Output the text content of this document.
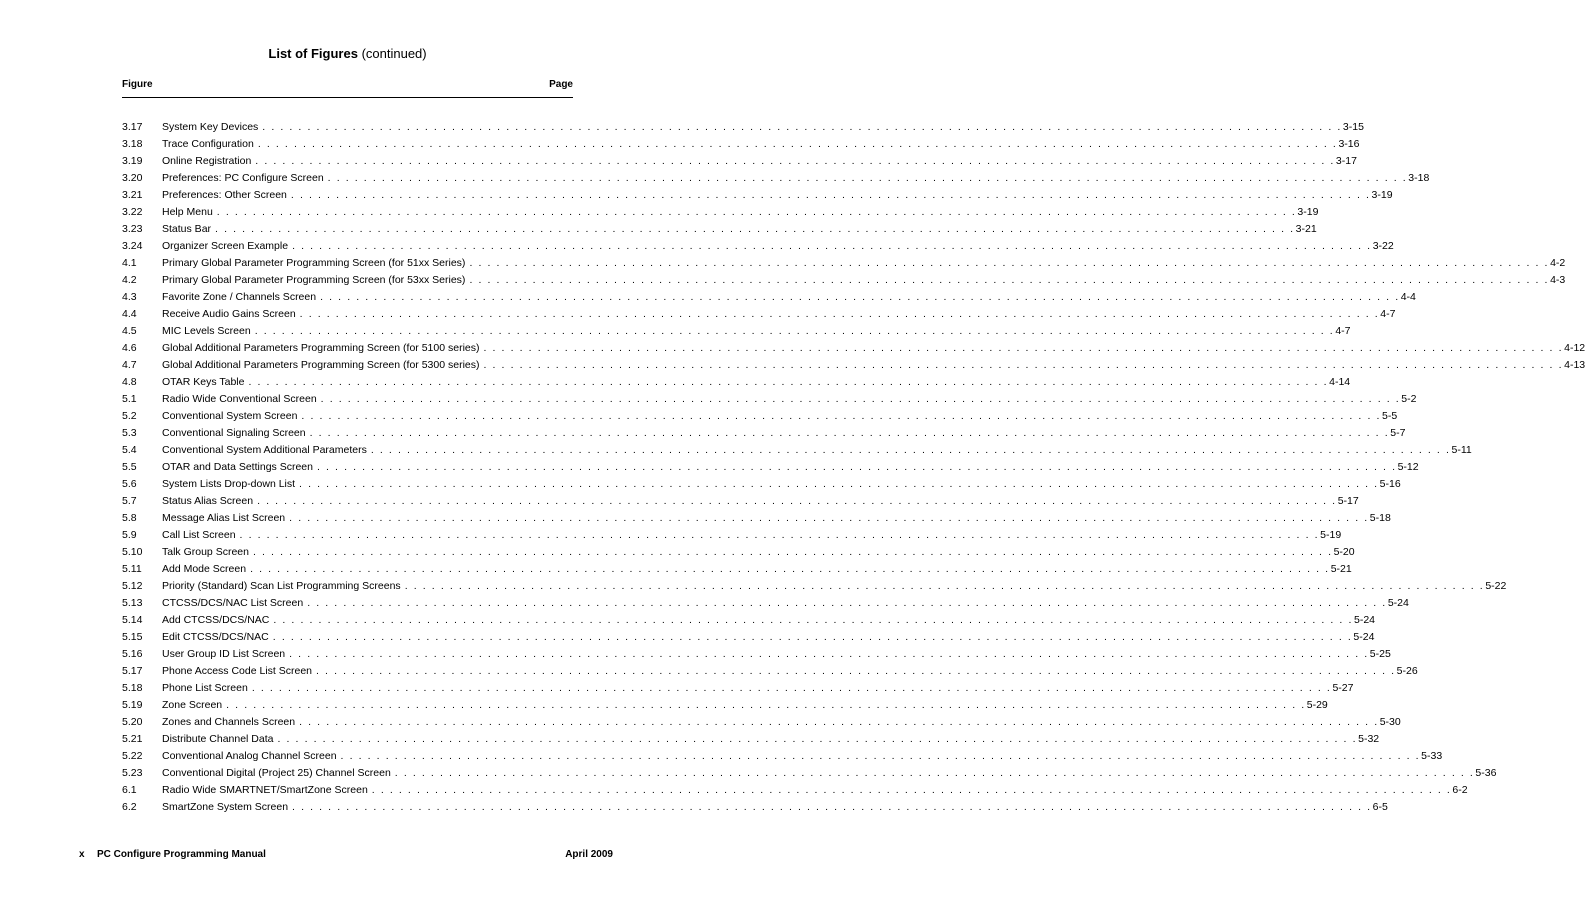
List of Figures (continued)
Figure	Page
3.17	System Key Devices . . . . . . . . . . . . . . . . . . . . . . . . . . . . . . . . . . . . . . . . . . . . . . . . . . . . . . . . . . . . . . . . . . . . . . . . . . . . . . . . . . . . . . . . . . . . . . . . . . . . . . . . . . . . . . . . . . . . . . . . 3-15
3.18	Trace Configuration . . . . . . . . . . . . . . . . . . . . . . . . . . . . . . . . . . . . . . . . . . . . . . . . . . . . . . . . . . . . . . . . . . . . . . . . . . . . . . . . . . . . . . . . . . . . . . . . . . . . . . . . . . . . . . . . . . . . . . . . 3-16
3.19	Online Registration . . . . . . . . . . . . . . . . . . . . . . . . . . . . . . . . . . . . . . . . . . . . . . . . . . . . . . . . . . . . . . . . . . . . . . . . . . . . . . . . . . . . . . . . . . . . . . . . . . . . . . . . . . . . . . . . . . . . . . . . 3-17
3.20	Preferences: PC Configure Screen . . . . . . . . . . . . . . . . . . . . . . . . . . . . . . . . . . . . . . . . . . . . . . . . . . . . . . . . . . . . . . . . . . . . . . . . . . . . . . . . . . . . . . . . . . . . . . . . . . . . . . . . . . . . . . . . . . . . . . . . 3-18
3.21	Preferences: Other Screen . . . . . . . . . . . . . . . . . . . . . . . . . . . . . . . . . . . . . . . . . . . . . . . . . . . . . . . . . . . . . . . . . . . . . . . . . . . . . . . . . . . . . . . . . . . . . . . . . . . . . . . . . . . . . . . . . . . . . . . . 3-19
3.22	Help Menu . . . . . . . . . . . . . . . . . . . . . . . . . . . . . . . . . . . . . . . . . . . . . . . . . . . . . . . . . . . . . . . . . . . . . . . . . . . . . . . . . . . . . . . . . . . . . . . . . . . . . . . . . . . . . . . . . . . . . . . . 3-19
3.23	Status Bar . . . . . . . . . . . . . . . . . . . . . . . . . . . . . . . . . . . . . . . . . . . . . . . . . . . . . . . . . . . . . . . . . . . . . . . . . . . . . . . . . . . . . . . . . . . . . . . . . . . . . . . . . . . . . . . . . . . . . . . . 3-21
3.24	Organizer Screen Example . . . . . . . . . . . . . . . . . . . . . . . . . . . . . . . . . . . . . . . . . . . . . . . . . . . . . . . . . . . . . . . . . . . . . . . . . . . . . . . . . . . . . . . . . . . . . . . . . . . . . . . . . . . . . . . . . . . . . . . . 3-22
4.1	Primary Global Parameter Programming Screen (for 51xx Series) . . . . . . . . . . . . . . . . . . . . . . . . . . . . . . . . . . . . . . . . . . . . . . . . . . . . . . . . . . . . . . . . . . . . . . . . . . . . . . . . . . . . . . . . . . . . . . . . . . . . . . . . . . . . . . . . . . . . . . . . 4-2
4.2	Primary Global Parameter Programming Screen (for 53xx Series) . . . . . . . . . . . . . . . . . . . . . . . . . . . . . . . . . . . . . . . . . . . . . . . . . . . . . . . . . . . . . . . . . . . . . . . . . . . . . . . . . . . . . . . . . . . . . . . . . . . . . . . . . . . . . . . . . . . . . . . . 4-3
4.3	Favorite Zone / Channels Screen . . . . . . . . . . . . . . . . . . . . . . . . . . . . . . . . . . . . . . . . . . . . . . . . . . . . . . . . . . . . . . . . . . . . . . . . . . . . . . . . . . . . . . . . . . . . . . . . . . . . . . . . . . . . . . . . . . . . . . . . 4-4
4.4	Receive Audio Gains Screen . . . . . . . . . . . . . . . . . . . . . . . . . . . . . . . . . . . . . . . . . . . . . . . . . . . . . . . . . . . . . . . . . . . . . . . . . . . . . . . . . . . . . . . . . . . . . . . . . . . . . . . . . . . . . . . . . . . . . . . . 4-7
4.5	MIC Levels Screen . . . . . . . . . . . . . . . . . . . . . . . . . . . . . . . . . . . . . . . . . . . . . . . . . . . . . . . . . . . . . . . . . . . . . . . . . . . . . . . . . . . . . . . . . . . . . . . . . . . . . . . . . . . . . . . . . . . . . . . . 4-7
4.6	Global Additional Parameters Programming Screen (for 5100 series) . . . . . . . . . . . . . . . . . . . . . . . . . . . . . . . . . . . . . . . . . . . . . . . . . . . . . . . . . . . . . . . . . . . . . . . . . . . . . . . . . . . . . . . . . . . . . . . . . . . . . . . . . . . . . . . . . . . . . . . . 4-12
4.7	Global Additional Parameters Programming Screen (for 5300 series) . . . . . . . . . . . . . . . . . . . . . . . . . . . . . . . . . . . . . . . . . . . . . . . . . . . . . . . . . . . . . . . . . . . . . . . . . . . . . . . . . . . . . . . . . . . . . . . . . . . . . . . . . . . . . . . . . . . . . . . . 4-13
4.8	OTAR Keys Table . . . . . . . . . . . . . . . . . . . . . . . . . . . . . . . . . . . . . . . . . . . . . . . . . . . . . . . . . . . . . . . . . . . . . . . . . . . . . . . . . . . . . . . . . . . . . . . . . . . . . . . . . . . . . . . . . . . . . . . . 4-14
5.1	Radio Wide Conventional Screen . . . . . . . . . . . . . . . . . . . . . . . . . . . . . . . . . . . . . . . . . . . . . . . . . . . . . . . . . . . . . . . . . . . . . . . . . . . . . . . . . . . . . . . . . . . . . . . . . . . . . . . . . . . . . . . . . . . . . . . . 5-2
5.2	Conventional System Screen . . . . . . . . . . . . . . . . . . . . . . . . . . . . . . . . . . . . . . . . . . . . . . . . . . . . . . . . . . . . . . . . . . . . . . . . . . . . . . . . . . . . . . . . . . . . . . . . . . . . . . . . . . . . . . . . . . . . . . . . 5-5
5.3	Conventional Signaling Screen . . . . . . . . . . . . . . . . . . . . . . . . . . . . . . . . . . . . . . . . . . . . . . . . . . . . . . . . . . . . . . . . . . . . . . . . . . . . . . . . . . . . . . . . . . . . . . . . . . . . . . . . . . . . . . . . . . . . . . . . 5-7
5.4	Conventional System Additional Parameters . . . . . . . . . . . . . . . . . . . . . . . . . . . . . . . . . . . . . . . . . . . . . . . . . . . . . . . . . . . . . . . . . . . . . . . . . . . . . . . . . . . . . . . . . . . . . . . . . . . . . . . . . . . . . . . . . . . . . . . . 5-11
5.5	OTAR and Data Settings Screen . . . . . . . . . . . . . . . . . . . . . . . . . . . . . . . . . . . . . . . . . . . . . . . . . . . . . . . . . . . . . . . . . . . . . . . . . . . . . . . . . . . . . . . . . . . . . . . . . . . . . . . . . . . . . . . . . . . . . . . . 5-12
5.6	System Lists Drop-down List . . . . . . . . . . . . . . . . . . . . . . . . . . . . . . . . . . . . . . . . . . . . . . . . . . . . . . . . . . . . . . . . . . . . . . . . . . . . . . . . . . . . . . . . . . . . . . . . . . . . . . . . . . . . . . . . . . . . . . . . 5-16
5.7	Status Alias Screen . . . . . . . . . . . . . . . . . . . . . . . . . . . . . . . . . . . . . . . . . . . . . . . . . . . . . . . . . . . . . . . . . . . . . . . . . . . . . . . . . . . . . . . . . . . . . . . . . . . . . . . . . . . . . . . . . . . . . . . . 5-17
5.8	Message Alias List Screen . . . . . . . . . . . . . . . . . . . . . . . . . . . . . . . . . . . . . . . . . . . . . . . . . . . . . . . . . . . . . . . . . . . . . . . . . . . . . . . . . . . . . . . . . . . . . . . . . . . . . . . . . . . . . . . . . . . . . . . . 5-18
5.9	Call List Screen . . . . . . . . . . . . . . . . . . . . . . . . . . . . . . . . . . . . . . . . . . . . . . . . . . . . . . . . . . . . . . . . . . . . . . . . . . . . . . . . . . . . . . . . . . . . . . . . . . . . . . . . . . . . . . . . . . . . . . . . 5-19
5.10	Talk Group Screen . . . . . . . . . . . . . . . . . . . . . . . . . . . . . . . . . . . . . . . . . . . . . . . . . . . . . . . . . . . . . . . . . . . . . . . . . . . . . . . . . . . . . . . . . . . . . . . . . . . . . . . . . . . . . . . . . . . . . . . . 5-20
5.11	Add Mode Screen . . . . . . . . . . . . . . . . . . . . . . . . . . . . . . . . . . . . . . . . . . . . . . . . . . . . . . . . . . . . . . . . . . . . . . . . . . . . . . . . . . . . . . . . . . . . . . . . . . . . . . . . . . . . . . . . . . . . . . . . 5-21
5.12	Priority (Standard) Scan List Programming Screens . . . . . . . . . . . . . . . . . . . . . . . . . . . . . . . . . . . . . . . . . . . . . . . . . . . . . . . . . . . . . . . . . . . . . . . . . . . . . . . . . . . . . . . . . . . . . . . . . . . . . . . . . . . . . . . . . . . . . . . . 5-22
5.13	CTCSS/DCS/NAC List Screen . . . . . . . . . . . . . . . . . . . . . . . . . . . . . . . . . . . . . . . . . . . . . . . . . . . . . . . . . . . . . . . . . . . . . . . . . . . . . . . . . . . . . . . . . . . . . . . . . . . . . . . . . . . . . . . . . . . . . . . . 5-24
5.14	Add CTCSS/DCS/NAC . . . . . . . . . . . . . . . . . . . . . . . . . . . . . . . . . . . . . . . . . . . . . . . . . . . . . . . . . . . . . . . . . . . . . . . . . . . . . . . . . . . . . . . . . . . . . . . . . . . . . . . . . . . . . . . . . . . . . . . . 5-24
5.15	Edit CTCSS/DCS/NAC . . . . . . . . . . . . . . . . . . . . . . . . . . . . . . . . . . . . . . . . . . . . . . . . . . . . . . . . . . . . . . . . . . . . . . . . . . . . . . . . . . . . . . . . . . . . . . . . . . . . . . . . . . . . . . . . . . . . . . . . 5-24
5.16	User Group ID List Screen . . . . . . . . . . . . . . . . . . . . . . . . . . . . . . . . . . . . . . . . . . . . . . . . . . . . . . . . . . . . . . . . . . . . . . . . . . . . . . . . . . . . . . . . . . . . . . . . . . . . . . . . . . . . . . . . . . . . . . . . 5-25
5.17	Phone Access Code List Screen . . . . . . . . . . . . . . . . . . . . . . . . . . . . . . . . . . . . . . . . . . . . . . . . . . . . . . . . . . . . . . . . . . . . . . . . . . . . . . . . . . . . . . . . . . . . . . . . . . . . . . . . . . . . . . . . . . . . . . . . 5-26
5.18	Phone List Screen . . . . . . . . . . . . . . . . . . . . . . . . . . . . . . . . . . . . . . . . . . . . . . . . . . . . . . . . . . . . . . . . . . . . . . . . . . . . . . . . . . . . . . . . . . . . . . . . . . . . . . . . . . . . . . . . . . . . . . . . 5-27
5.19	Zone Screen . . . . . . . . . . . . . . . . . . . . . . . . . . . . . . . . . . . . . . . . . . . . . . . . . . . . . . . . . . . . . . . . . . . . . . . . . . . . . . . . . . . . . . . . . . . . . . . . . . . . . . . . . . . . . . . . . . . . . . . . 5-29
5.20	Zones and Channels Screen . . . . . . . . . . . . . . . . . . . . . . . . . . . . . . . . . . . . . . . . . . . . . . . . . . . . . . . . . . . . . . . . . . . . . . . . . . . . . . . . . . . . . . . . . . . . . . . . . . . . . . . . . . . . . . . . . . . . . . . . 5-30
5.21	Distribute Channel Data . . . . . . . . . . . . . . . . . . . . . . . . . . . . . . . . . . . . . . . . . . . . . . . . . . . . . . . . . . . . . . . . . . . . . . . . . . . . . . . . . . . . . . . . . . . . . . . . . . . . . . . . . . . . . . . . . . . . . . . . 5-32
5.22	Conventional Analog Channel Screen . . . . . . . . . . . . . . . . . . . . . . . . . . . . . . . . . . . . . . . . . . . . . . . . . . . . . . . . . . . . . . . . . . . . . . . . . . . . . . . . . . . . . . . . . . . . . . . . . . . . . . . . . . . . . . . . . . . . . . . . 5-33
5.23	Conventional Digital (Project 25) Channel Screen . . . . . . . . . . . . . . . . . . . . . . . . . . . . . . . . . . . . . . . . . . . . . . . . . . . . . . . . . . . . . . . . . . . . . . . . . . . . . . . . . . . . . . . . . . . . . . . . . . . . . . . . . . . . . . . . . . . . . . . . 5-36
6.1	Radio Wide SMARTNET/SmartZone Screen . . . . . . . . . . . . . . . . . . . . . . . . . . . . . . . . . . . . . . . . . . . . . . . . . . . . . . . . . . . . . . . . . . . . . . . . . . . . . . . . . . . . . . . . . . . . . . . . . . . . . . . . . . . . . . . . . . . . . . . . 6-2
6.2	SmartZone System Screen . . . . . . . . . . . . . . . . . . . . . . . . . . . . . . . . . . . . . . . . . . . . . . . . . . . . . . . . . . . . . . . . . . . . . . . . . . . . . . . . . . . . . . . . . . . . . . . . . . . . . . . . . . . . . . . . . . . . . . . . 6-5
x PC Configure Programming Manual	April 2009
